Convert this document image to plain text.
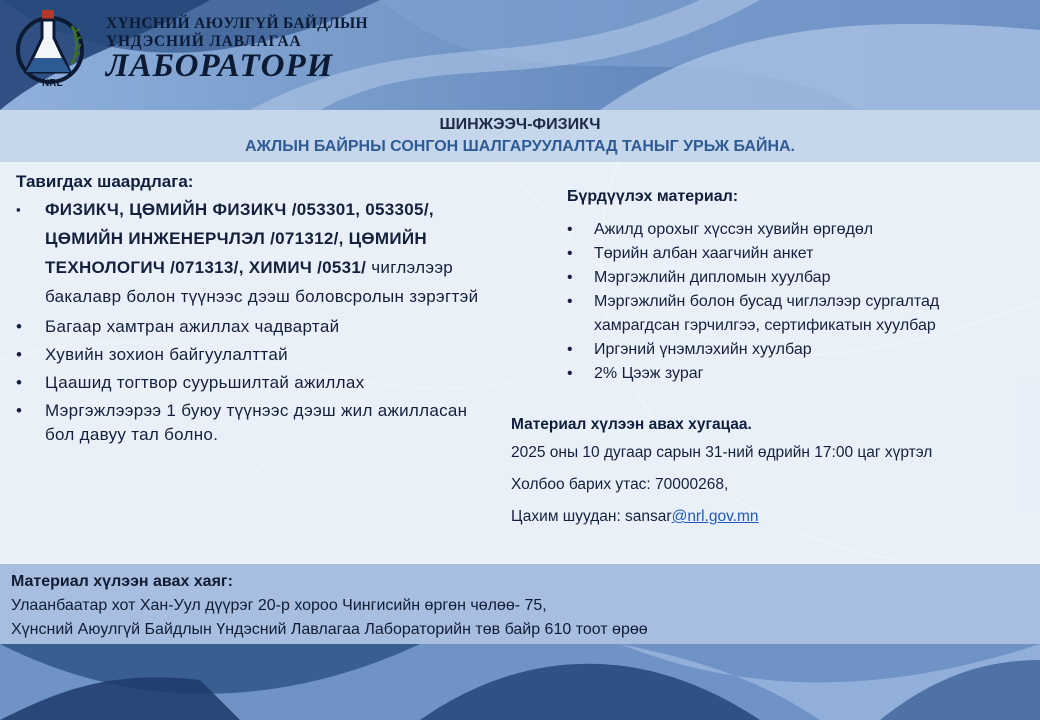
NRL
ХҮНСНИЙ АЮУЛГҮЙ БАЙДЛЫН
ҮНДЭСНИЙ ЛАВЛАГАА
ЛАБОРАТОРИ
ШИНЖЭЭЧ-ФИЗИКЧ
АЖЛЫН БАЙРНЫ СОНГОН ШАЛГАРУУЛАЛТАД ТАНЫГ УРЬЖ БАЙНА.
Тавигдах шаардлага:
▪ ФИЗИКЧ, ЦӨМИЙН ФИЗИКЧ /053301, 053305/, ЦӨМИЙН ИНЖЕНЕРЧЛЭЛ /071312/, ЦӨМИЙН ТЕХНОЛОГИЧ /071313/, ХИМИЧ /0531/ чиглэлээр бакалавр болон түүнээс дээш боловсролын зэрэгтэй
• Багаар хамтран ажиллах чадвартай
• Хувийн зохион байгуулалттай
• Цаашид тогтвор суурьшилтай ажиллах
• Мэргэжлээрээ 1 буюу түүнээс дээш жил ажилласан бол давуу тал болно.
Бүрдүүлэх материал:
• Ажилд орохыг хүссэн хувийн өргөдөл
• Төрийн албан хаагчийн анкет
• Мэргэжлийн дипломын хуулбар
• Мэргэжлийн болон бусад чиглэлээр сургалтад хамрагдсан гэрчилгээ, сертификатын хуулбар
• Иргэний үнэмлэхийн хуулбар
• 2% Цээж зураг
Материал хүлээн авах хугацаа.
2025 оны 10 дугаар сарын 31-ний өдрийн 17:00 цаг хүртэл
Холбоо барих утас: 70000268,
Цахим шуудан: sansar@nrl.gov.mn
Материал хүлээн авах хаяг:
Улаанбаатар хот Хан-Уул дүүрэг 20-р хороо Чингисийн өргөн чөлөө- 75,
Хүнсний Аюулгүй Байдлын Үндэсний Лавлагаа Лабораторийн төв байр 610 тоот өрөө
